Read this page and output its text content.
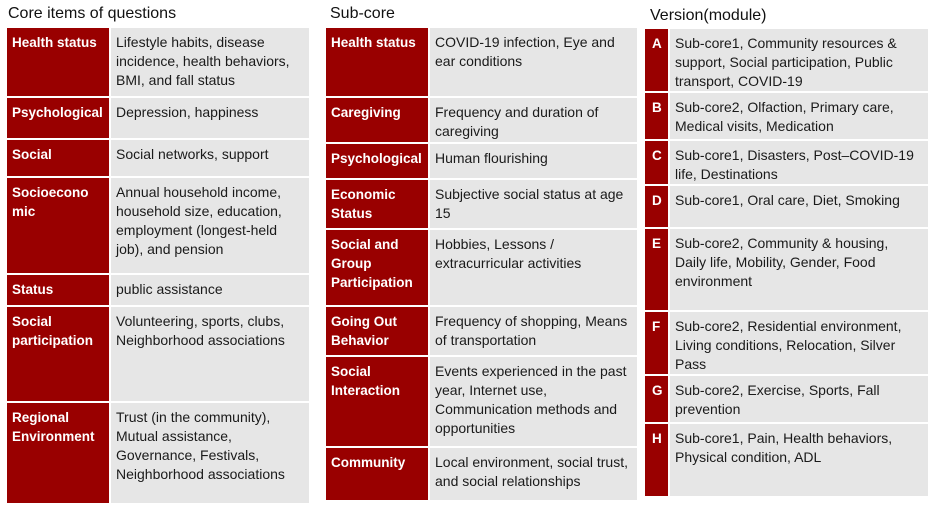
Core items of questions
Health status	Lifestyle habits, disease incidence, health behaviors, BMI, and fall status
Psychological	Depression, happiness
Social	Social networks, support
Socioecono mic	Annual household income, household size, education, employment (longest-held job), and pension
Status	public assistance
Social participation	Volunteering, sports, clubs, Neighborhood associations
Regional Environment	Trust (in the community), Mutual assistance, Governance, Festivals, Neighborhood associations
Sub-core
Health status	COVID-19 infection, Eye and ear conditions
Caregiving	Frequency and duration of caregiving
Psychological	Human flourishing
Economic Status	Subjective social status at age 15
Social and Group Participation	Hobbies, Lessons / extracurricular activities
Going Out Behavior	Frequency of shopping, Means of transportation
Social Interaction	Events experienced in the past year, Internet use, Communication methods and opportunities
Community	Local environment, social trust, and social relationships
Version(module)
A	Sub-core1, Community resources & support, Social participation, Public transport, COVID-19
B	Sub-core2, Olfaction, Primary care, Medical visits, Medication
C	Sub-core1, Disasters, Post–COVID-19 life, Destinations
D	Sub-core1, Oral care, Diet, Smoking
E	Sub-core2, Community & housing, Daily life, Mobility, Gender, Food environment
F	Sub-core2, Residential environment, Living conditions, Relocation, Silver Pass
G	Sub-core2, Exercise, Sports, Fall prevention
H	Sub-core1, Pain, Health behaviors, Physical condition, ADL
